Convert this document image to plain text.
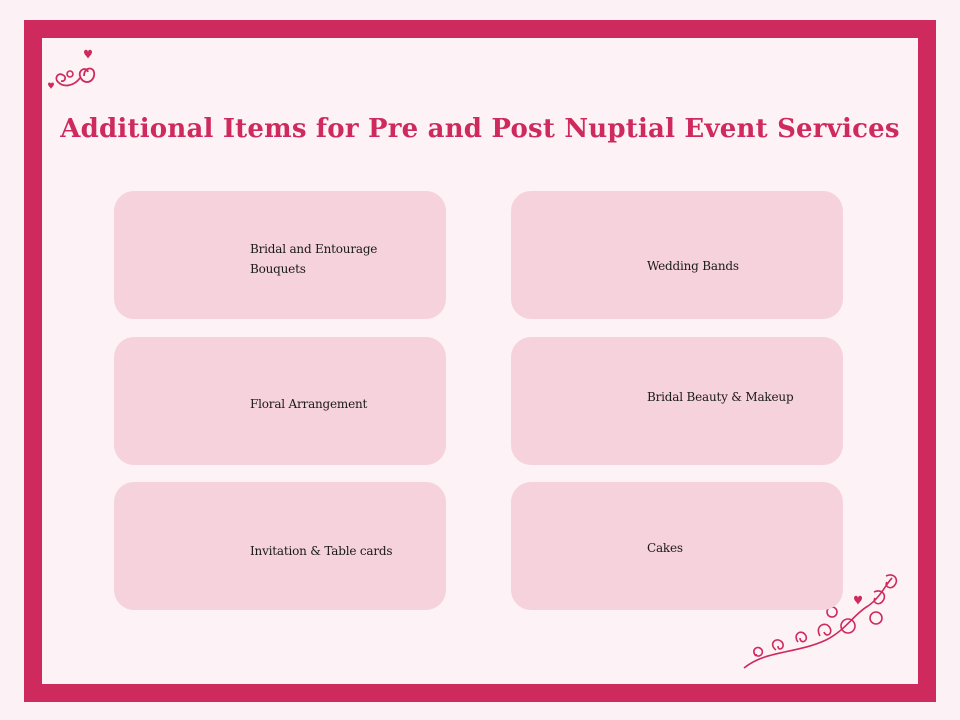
Additional Items for Pre and Post Nuptial Event Services
Bridal and Entourage
Bouquets	Wedding Bands
Floral Arrangement	Bridal Beauty & Makeup
Invitation & Table cards	Cakes
